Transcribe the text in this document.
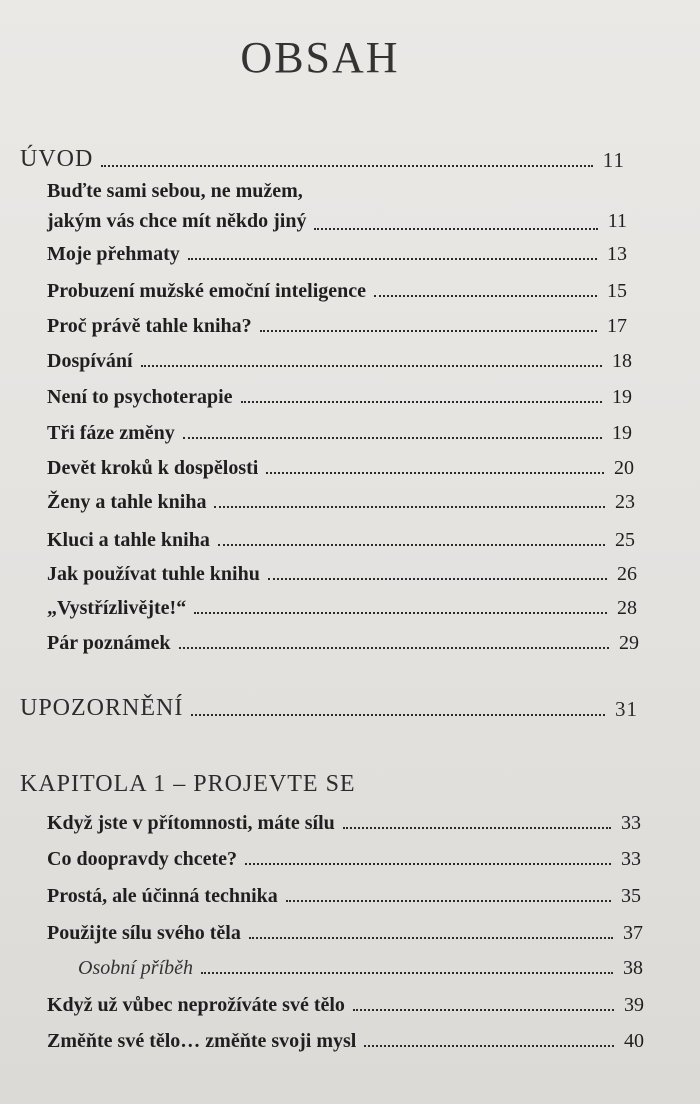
OBSAH
ÚVOD	11
Buďte sami sebou, ne mužem,
jakým vás chce mít někdo jiný	11
Moje přehmaty	13
Probuzení mužské emoční inteligence	15
Proč právě tahle kniha?	17
Dospívání	18
Není to psychoterapie	19
Tři fáze změny	19
Devět kroků k dospělosti	20
Ženy a tahle kniha	23
Kluci a tahle kniha	25
Jak používat tuhle knihu	26
„Vystřízlivějte!“	28
Pár poznámek	29
UPOZORNĚNÍ	31
KAPITOLA 1 – PROJEVTE SE
Když jste v přítomnosti, máte sílu	33
Co doopravdy chcete?	33
Prostá, ale účinná technika	35
Použijte sílu svého těla	37
Osobní příběh	38
Když už vůbec neprožíváte své tělo	39
Změňte své tělo… změňte svoji mysl	40
